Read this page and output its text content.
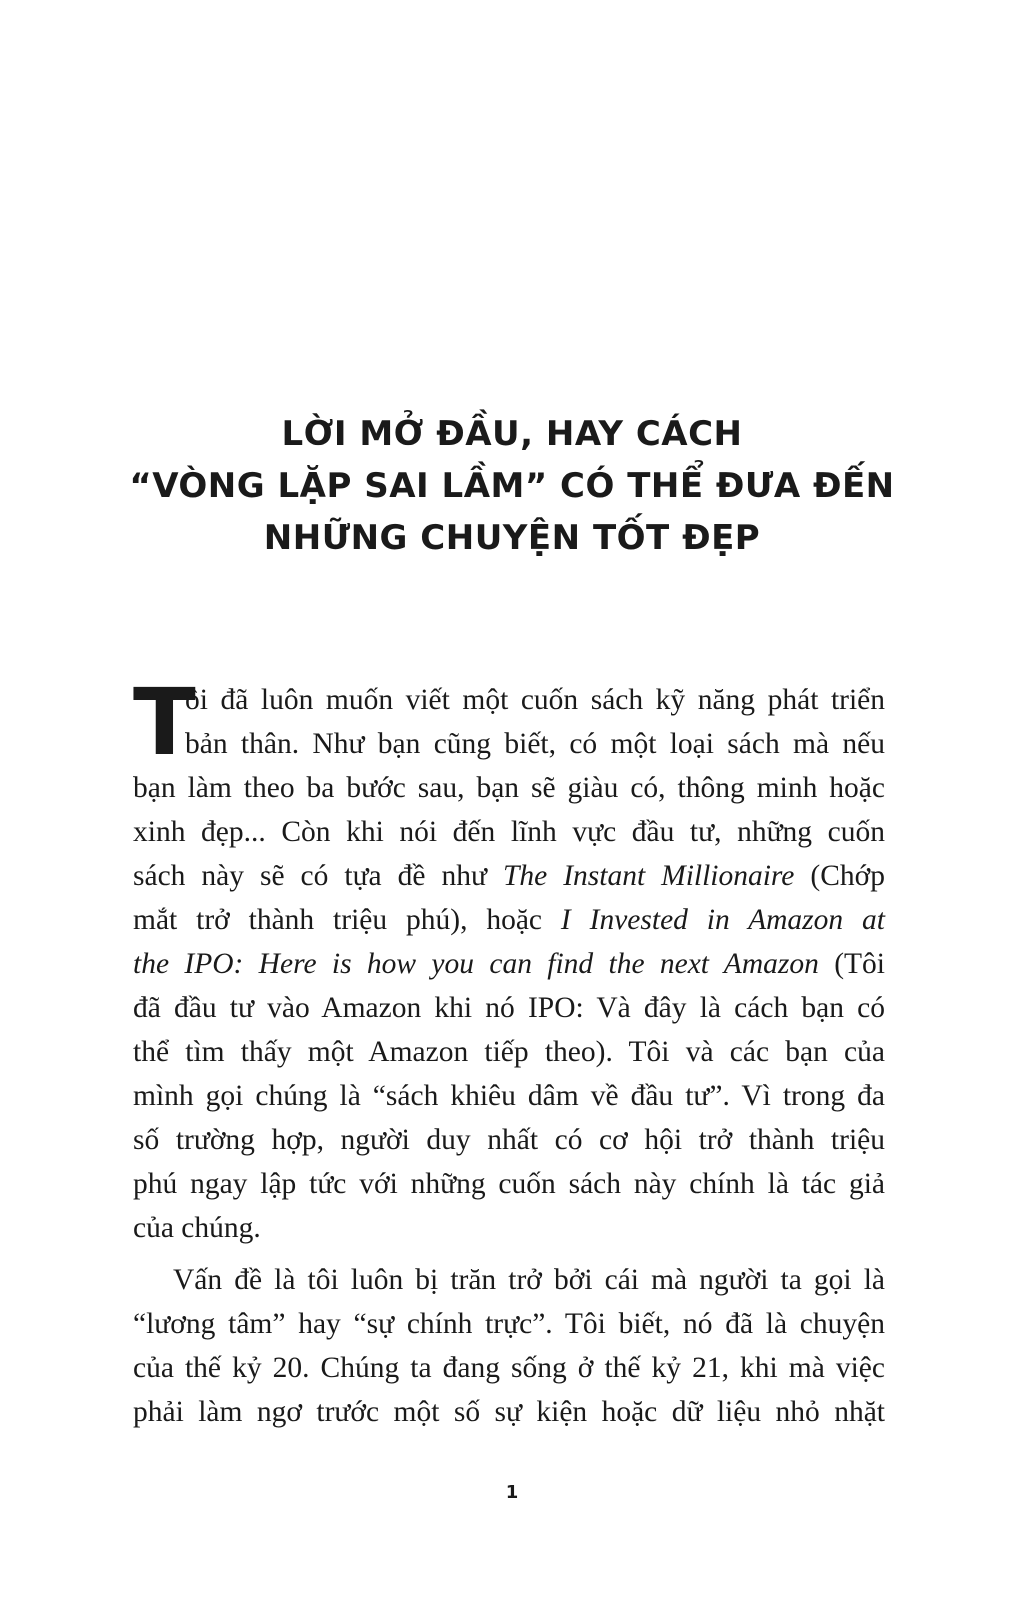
LỜI MỞ ĐẦU, HAY CÁCH
“VÒNG LẶP SAI LẦM” CÓ THỂ ĐƯA ĐẾN
NHỮNG CHUYỆN TỐT ĐẸP
T
ôi đã luôn muốn viết một cuốn sách kỹ năng phát triển
bản thân. Như bạn cũng biết, có một loại sách mà nếu
bạn làm theo ba bước sau, bạn sẽ giàu có, thông minh hoặc
xinh đẹp... Còn khi nói đến lĩnh vực đầu tư, những cuốn
sách này sẽ có tựa đề như The Instant Millionaire (Chớp
mắt trở thành triệu phú), hoặc I Invested in Amazon at
the IPO: Here is how you can find the next Amazon (Tôi
đã đầu tư vào Amazon khi nó IPO: Và đây là cách bạn có
thể tìm thấy một Amazon tiếp theo). Tôi và các bạn của
mình gọi chúng là “sách khiêu dâm về đầu tư”. Vì trong đa
số trường hợp, người duy nhất có cơ hội trở thành triệu
phú ngay lập tức với những cuốn sách này chính là tác giả
của chúng.
Vấn đề là tôi luôn bị trăn trở bởi cái mà người ta gọi là
“lương tâm” hay “sự chính trực”. Tôi biết, nó đã là chuyện
của thế kỷ 20. Chúng ta đang sống ở thế kỷ 21, khi mà việc
phải làm ngơ trước một số sự kiện hoặc dữ liệu nhỏ nhặt
1
